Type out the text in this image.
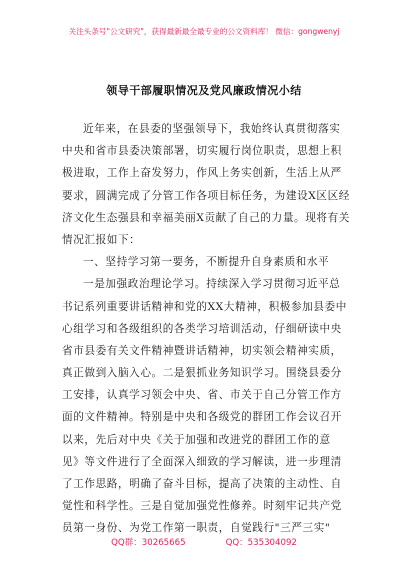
关注头条号"公文研究"，获得最新最全最专业的公文资料库！ 微信：gongwenyj
领导干部履职情况及党风廉政情况小结
近年来，在县委的坚强领导下，我始终认真贯彻落实
中央和省市县委决策部署，切实履行岗位职责，思想上积
极进取，工作上奋发努力，作风上务实创新，生活上从严
要求，圆满完成了分管工作各项目标任务，为建设X区区经
济文化生态强县和幸福美丽X贡献了自己的力量。现将有关
情况汇报如下：
一、坚持学习第一要务，不断提升自身素质和水平
一是加强政治理论学习。持续深入学习贯彻习近平总
书记系列重要讲话精神和党的XX大精神，积极参加县委中
心组学习和各级组织的各类学习培训活动，仔细研读中央
省市县委有关文件精神暨讲话精神，切实领会精神实质，
真正做到入脑入心。二是狠抓业务知识学习。围绕县委分
工安排，认真学习领会中央、省、市关于自己分管工作方
面的文件精神。特别是中央和各级党的群团工作会议召开
以来，先后对中央《关于加强和改进党的群团工作的意
见》等文件进行了全面深入细致的学习解读，进一步理清
了工作思路，明确了奋斗目标，提高了决策的主动性、自
觉性和科学性。三是自觉加强党性修养。时刻牢记共产党
员第一身份、为党工作第一职责，自觉践行"三严三实"
QQ群：30265665	QQ：535304092
